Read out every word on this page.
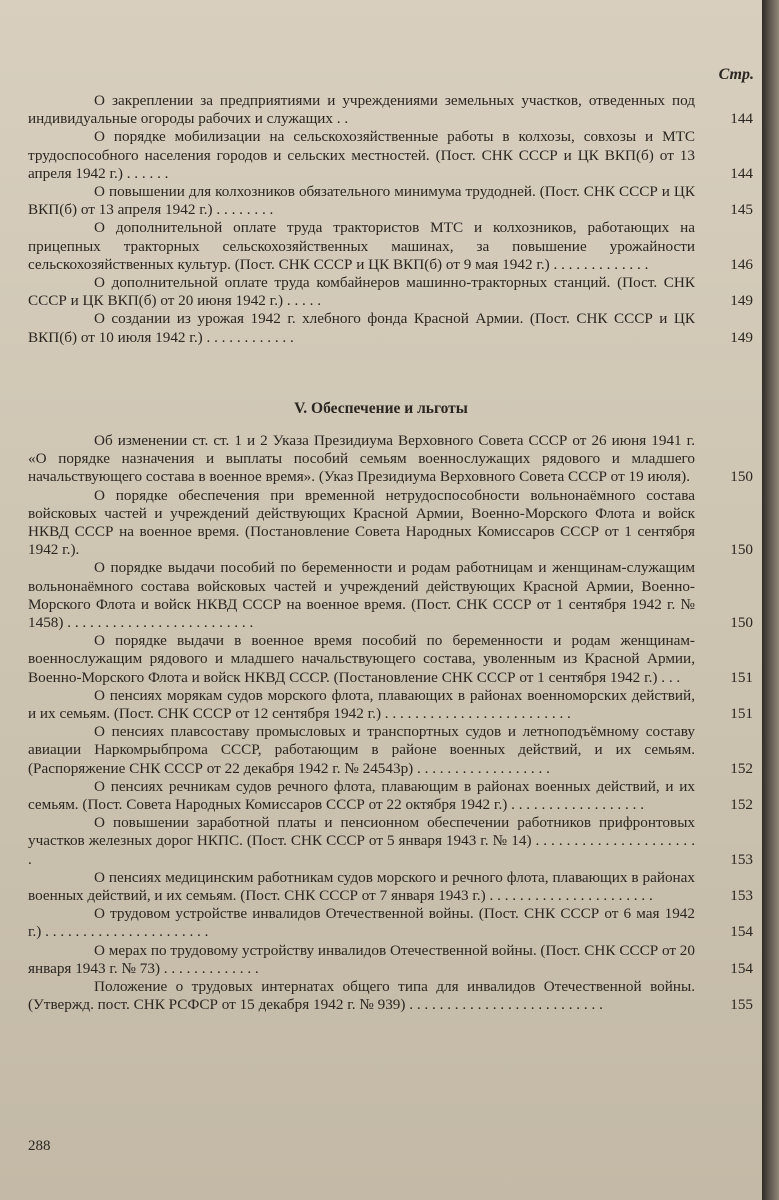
Стр.
О закреплении за предприятиями и учреждениями земельных участков, отведенных под индивидуальные огороды рабочих и служащих . .	144
О порядке мобилизации на сельскохозяйственные работы в колхозы, совхозы и МТС трудоспособного населения городов и сельских местностей. (Пост. СНК СССР и ЦК ВКП(б) от 13 апреля 1942 г.) . . . . . .	144
О повышении для колхозников обязательного минимума трудодней. (Пост. СНК СССР и ЦК ВКП(б) от 13 апреля 1942 г.) . . . . . . . .	145
О дополнительной оплате труда трактористов МТС и колхозников, работающих на прицепных тракторных сельскохозяйственных машинах, за повышение урожайности сельскохозяйственных культур. (Пост. СНК СССР и ЦК ВКП(б) от 9 мая 1942 г.) . . . . . . . . . . . . .	146
О дополнительной оплате труда комбайнеров машинно-тракторных станций. (Пост. СНК СССР и ЦК ВКП(б) от 20 июня 1942 г.) . . . . .	149
О создании из урожая 1942 г. хлебного фонда Красной Армии. (Пост. СНК СССР и ЦК ВКП(б) от 10 июля 1942 г.) . . . . . . . . . . . .	149
V. Обеспечение и льготы
Об изменении ст. ст. 1 и 2 Указа Президиума Верховного Совета СССР от 26 июня 1941 г. «О порядке назначения и выплаты пособий семьям военнослужащих рядового и младшего начальствующего состава в военное время». (Указ Президиума Верховного Совета СССР от 19 июля).	150
О порядке обеспечения при временной нетрудоспособности вольнонаёмного состава войсковых частей и учреждений действующих Красной Армии, Военно-Морского Флота и войск НКВД СССР на военное время. (Постановление Совета Народных Комиссаров СССР от 1 сентября 1942 г.).	150
О порядке выдачи пособий по беременности и родам работницам и женщинам-служащим вольнонаёмного состава войсковых частей и учреждений действующих Красной Армии, Военно-Морского Флота и войск НКВД СССР на военное время. (Пост. СНК СССР от 1 сентября 1942 г. № 1458) . . . . . . . . . . . . . . . . . . . . . . . . .	150
О порядке выдачи в военное время пособий по беременности и родам женщинам-военнослужащим рядового и младшего начальствующего состава, уволенным из Красной Армии, Военно-Морского Флота и войск НКВД СССР. (Постановление СНК СССР от 1 сентября 1942 г.) . . .	151
О пенсиях морякам судов морского флота, плавающих в районах военноморских действий, и их семьям. (Пост. СНК СССР от 12 сентября 1942 г.) . . . . . . . . . . . . . . . . . . . . . . . . .	151
О пенсиях плавсоставу промысловых и транспортных судов и летноподъёмному составу авиации Наркомрыбпрома СССР, работающим в районе военных действий, и их семьям. (Распоряжение СНК СССР от 22 декабря 1942 г. № 24543р) . . . . . . . . . . . . . . . . . .	152
О пенсиях речникам судов речного флота, плавающим в районах военных действий, и их семьям. (Пост. Совета Народных Комиссаров СССР от 22 октября 1942 г.) . . . . . . . . . . . . . . . . . .	152
О повышении заработной платы и пенсионном обеспечении работников прифронтовых участков железных дорог НКПС. (Пост. СНК СССР от 5 января 1943 г. № 14) . . . . . . . . . . . . . . . . . . . . . .	153
О пенсиях медицинским работникам судов морского и речного флота, плавающих в районах военных действий, и их семьям. (Пост. СНК СССР от 7 января 1943 г.) . . . . . . . . . . . . . . . . . . . . . .	153
О трудовом устройстве инвалидов Отечественной войны. (Пост. СНК СССР от 6 мая 1942 г.) . . . . . . . . . . . . . . . . . . . . . .	154
О мерах по трудовому устройству инвалидов Отечественной войны. (Пост. СНК СССР от 20 января 1943 г. № 73) . . . . . . . . . . . . .	154
Положение о трудовых интернатах общего типа для инвалидов Отечественной войны. (Утвержд. пост. СНК РСФСР от 15 декабря 1942 г. № 939) . . . . . . . . . . . . . . . . . . . . . . . . . .	155
288
